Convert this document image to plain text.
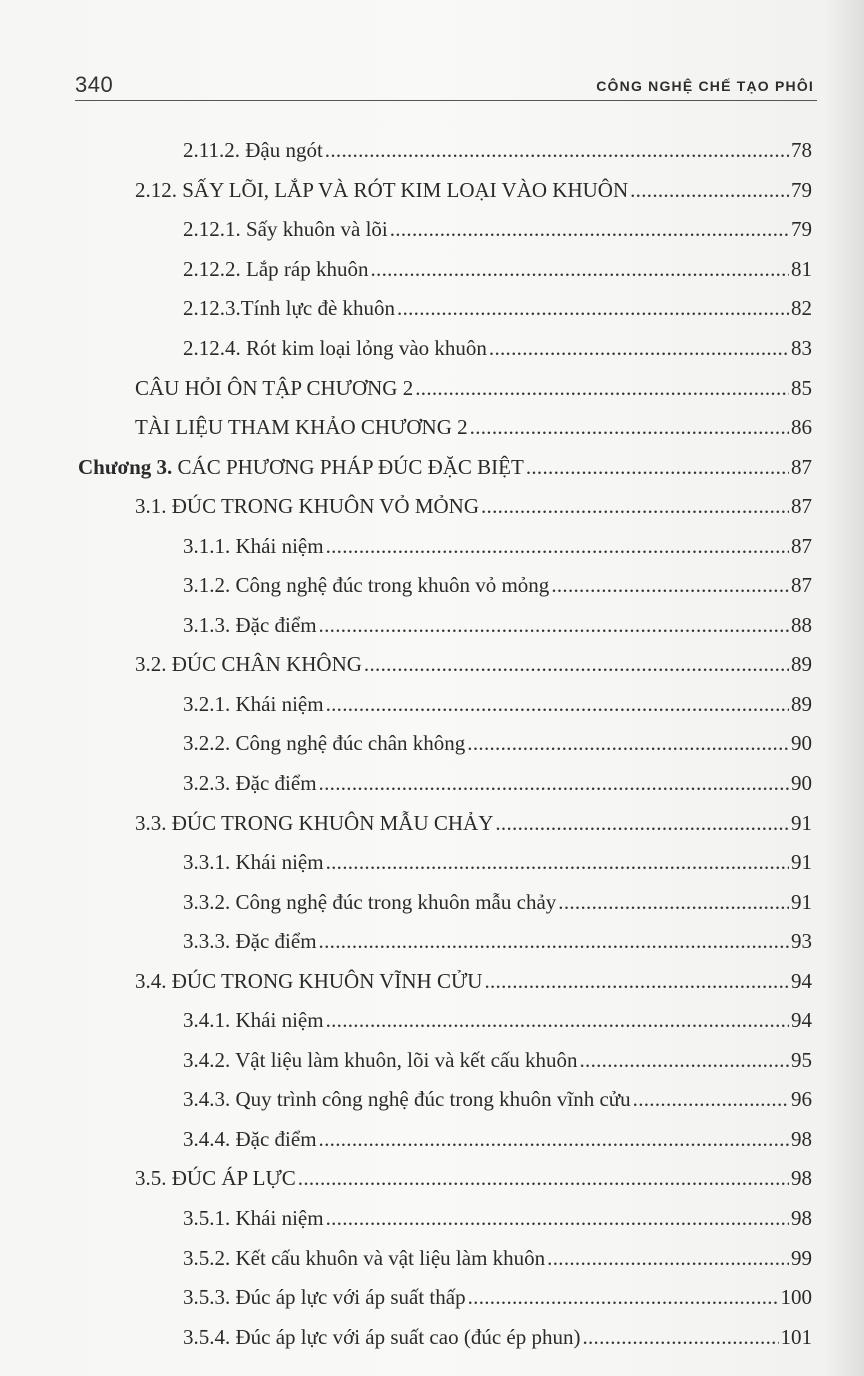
340	CÔNG NGHỆ CHẾ TẠO PHÔI
2.11.2. Đậu ngót .....	78
2.12. SẤY LÕI, LẮP VÀ RÓT KIM LOẠI VÀO KHUÔN .....	79
2.12.1. Sấy khuôn và lõi .....	79
2.12.2. Lắp ráp khuôn .....	81
2.12.3.Tính lực đè khuôn .....	82
2.12.4. Rót kim loại lỏng vào khuôn .....	83
CÂU HỎI ÔN TẬP CHƯƠNG 2 .....	85
TÀI LIỆU THAM KHẢO CHƯƠNG 2 .....	86
Chương 3. CÁC PHƯƠNG PHÁP ĐÚC ĐẶC BIỆT .....	87
3.1. ĐÚC TRONG KHUÔN VỎ MỎNG .....	87
3.1.1. Khái niệm .....	87
3.1.2. Công nghệ đúc trong khuôn vỏ mỏng .....	87
3.1.3. Đặc điểm .....	88
3.2. ĐÚC CHÂN KHÔNG .....	89
3.2.1. Khái niệm .....	89
3.2.2. Công nghệ đúc chân không .....	90
3.2.3. Đặc điểm .....	90
3.3. ĐÚC TRONG KHUÔN MẪU CHẢY .....	91
3.3.1. Khái niệm .....	91
3.3.2. Công nghệ đúc trong khuôn mẫu chảy .....	91
3.3.3. Đặc điểm .....	93
3.4. ĐÚC TRONG KHUÔN VĨNH CỬU .....	94
3.4.1. Khái niệm .....	94
3.4.2. Vật liệu làm khuôn, lõi và kết cấu khuôn .....	95
3.4.3. Quy trình công nghệ đúc trong khuôn vĩnh cửu .....	96
3.4.4. Đặc điểm .....	98
3.5. ĐÚC ÁP LỰC .....	98
3.5.1. Khái niệm .....	98
3.5.2. Kết cấu khuôn và vật liệu làm khuôn .....	99
3.5.3. Đúc áp lực với áp suất thấp .....	100
3.5.4. Đúc áp lực với áp suất cao (đúc ép phun) .....	101
